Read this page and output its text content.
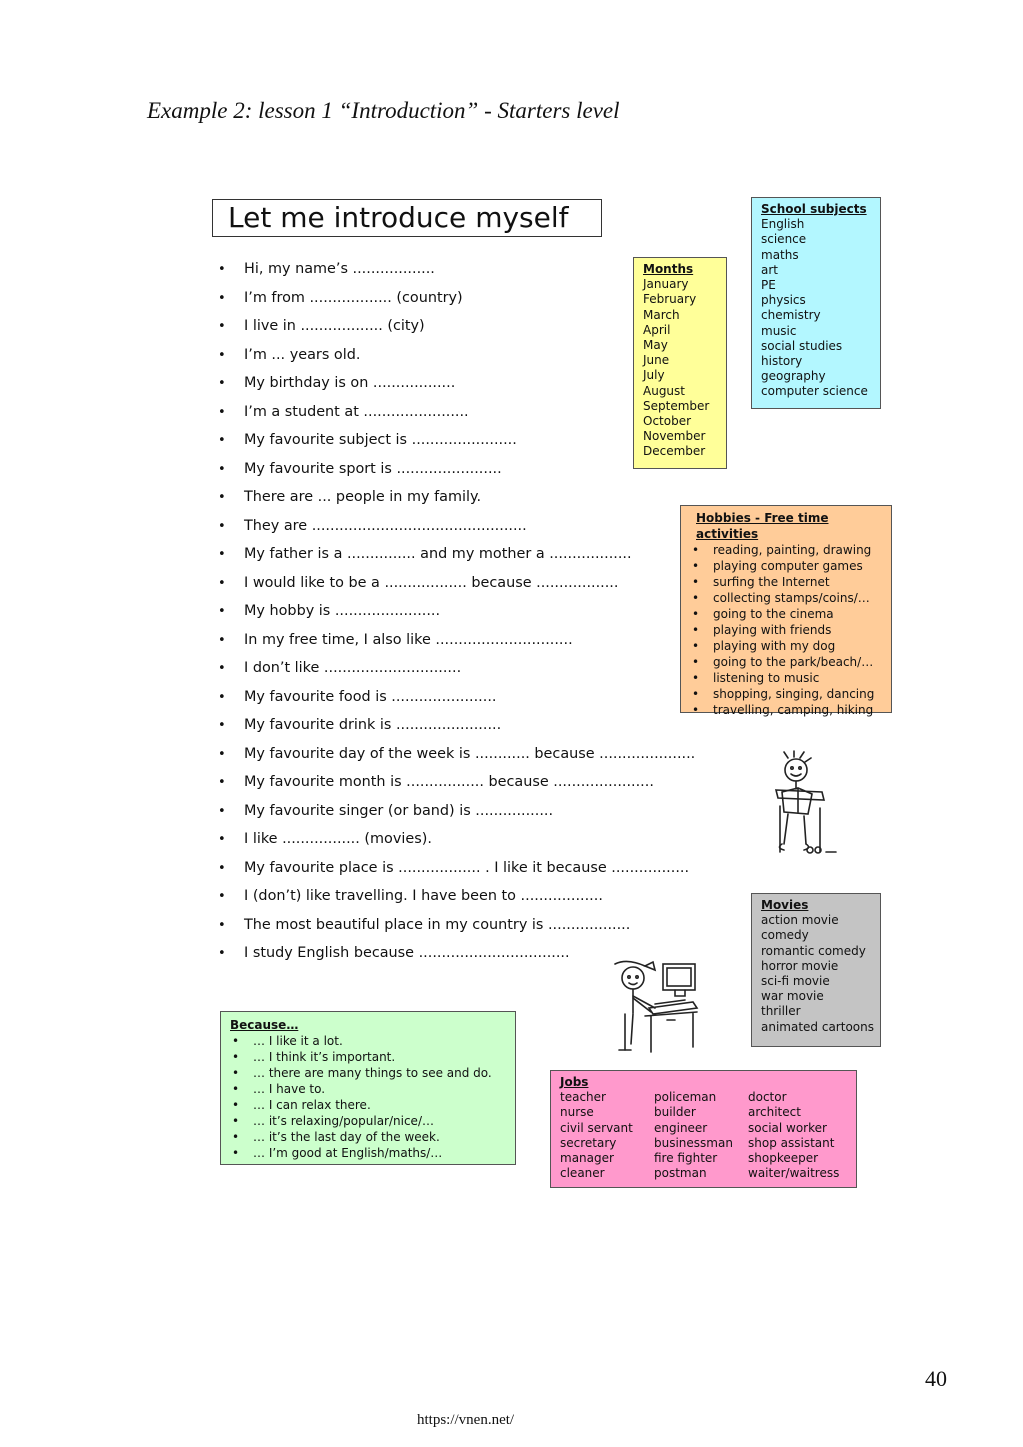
Example 2: lesson 1 “Introduction” - Starters level
Let me introduce myself
• Hi, my name’s ..................
• I’m from .................. (country)
• I live in .................. (city)
• I’m ... years old.
• My birthday is on ..................
• I’m a student at .......................
• My favourite subject is .......................
• My favourite sport is .......................
• There are ... people in my family.
• They are ...............................................
• My father is a ............... and my mother a ..................
• I would like to be a .................. because ..................
• My hobby is .......................
• In my free time, I also like ..............................
• I don’t like ..............................
• My favourite food is .......................
• My favourite drink is .......................
• My favourite day of the week is ............ because .....................
• My favourite month is ................. because ......................
• My favourite singer (or band) is .................
• I like ................. (movies).
• My favourite place is .................. . I like it because .................
• I (don’t) like travelling. I have been to ..................
• The most beautiful place in my country is ..................
• I study English because .................................
Months
January
February
March
April
May
June
July
August
September
October
November
December
School subjects
English
science
maths
art
PE
physics
chemistry
music
social studies
history
geography
computer science
Hobbies - Free time activities
• reading, painting, drawing
• playing computer games
• surfing the Internet
• collecting stamps/coins/…
• going to the cinema
• playing with friends
• playing with my dog
• going to the park/beach/…
• listening to music
• shopping, singing, dancing
• travelling, camping, hiking
Movies
action movie
comedy
romantic comedy
horror movie
sci-fi movie
war movie
thriller
animated cartoons
Because…
• … I like it a lot.
• … I think it’s important.
• … there are many things to see and do.
• … I have to.
• … I can relax there.
• … it’s relaxing/popular/nice/…
• … it’s the last day of the week.
• … I’m good at English/maths/…
Jobs
teacher
nurse
civil servant
secretary
manager
cleaner
policeman
builder
engineer
businessman
fire fighter
postman
doctor
architect
social worker
shop assistant
shopkeeper
waiter/waitress
40
https://vnen.net/
